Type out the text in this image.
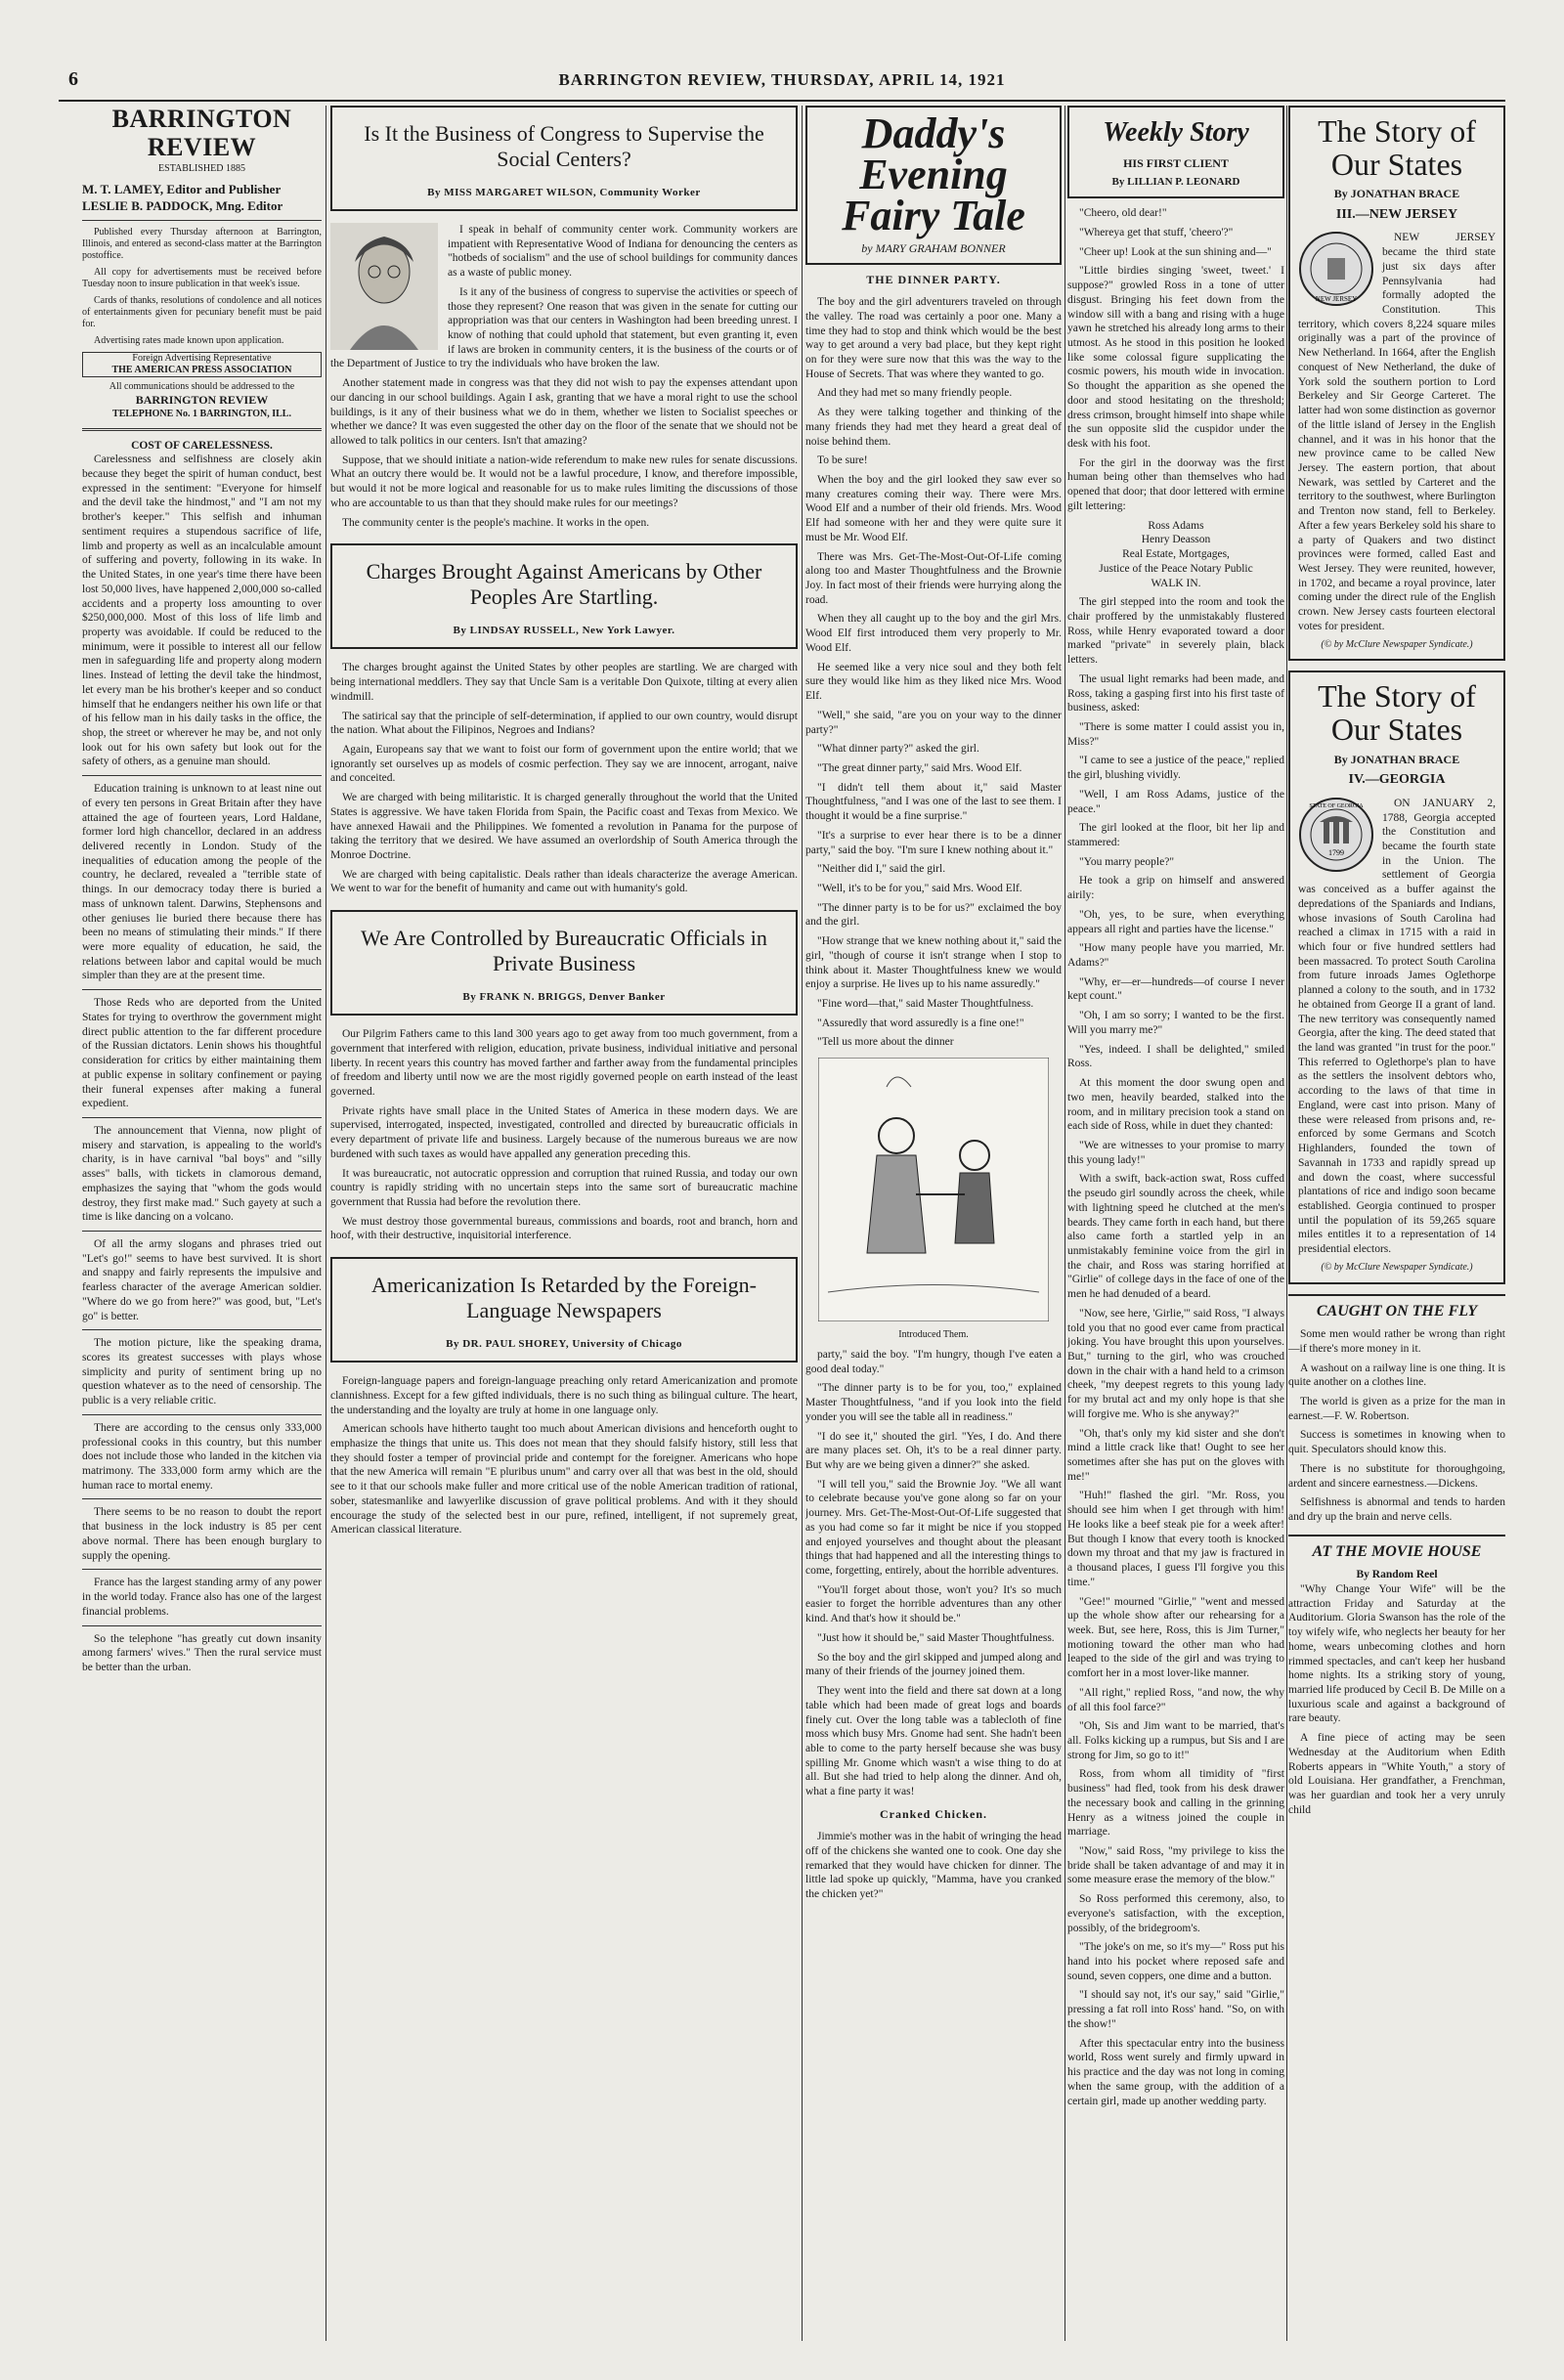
6	BARRINGTON REVIEW, THURSDAY, APRIL 14, 1921
BARRINGTON REVIEW
ESTABLISHED 1885

M. T. LAMEY, Editor and Publisher

LESLIE B. PADDOCK, Mng. Editor

Published every Thursday afternoon at Barrington, Illinois, and entered as second-class matter at the Barrington postoffice.

All copy for advertisements must be received before Tuesday noon to insure publication in that week's issue.

Cards of thanks, resolutions of condolence and all notices of entertainments given for pecuniary benefit must be paid for.

Advertising rates made known upon application.

Foreign Advertising Representative
THE AMERICAN PRESS ASSOCIATION
All communications should be addressed to the
BARRINGTON REVIEW
TELEPHONE No. 1 BARRINGTON, ILL.
COST OF CARELESSNESS.

Carelessness and selfishness are closely akin because they beget the spirit of human conduct, best expressed in the sentiment: "Everyone for himself and the devil take the hindmost," and "I am not my brother's keeper." This selfish and inhuman sentiment requires a stupendous sacrifice of life, limb and property as well as an incalculable amount of suffering and poverty, following in its wake. In the United States, in one year's time there have been lost 50,000 lives, have happened 2,000,000 so-called accidents and a property loss amounting to over $250,000,000. Most of this loss of life limb and property was avoidable. If could be reduced to the minimum, were it possible to interest all our fellow men in safeguarding life and property along modern lines. Instead of letting the devil take the hindmost, let every man be his brother's keeper and so conduct himself that he endangers neither his own life or that of his fellow man in his daily tasks in the office, the shop, the street or wherever he may be, and not only look out for his own safety but look out for the safety of others, as a genuine man should.

Education training is unknown to at least nine out of every ten persons in Great Britain after they have attained the age of fourteen years, Lord Haldane, former lord high chancellor, declared in an address delivered recently in London. Study of the inequalities of education among the people of the country, he declared, revealed a "terrible state of things. In our democracy today there is buried a mass of unknown talent. Darwins, Stephensons and other geniuses lie buried there because there has been no means of stimulating their minds." If there were more equality of education, he said, the relations between labor and capital would be much simpler than they are at the present time.

Those Reds who are deported from the United States for trying to overthrow the government might direct public attention to the far different procedure of the Russian dictators. Lenin shows his thoughtful consideration for critics by either maintaining them at public expense in solitary confinement or paying their funeral expenses after making a funeral expedient.

The announcement that Vienna, now plight of misery and starvation, is appealing to the world's charity, is in have carnival "bal boys" and "silly asses" balls, with tickets in clamorous demand, emphasizes the saying that "whom the gods would destroy, they first make mad." Such gayety at such a time is like dancing on a volcano.

Of all the army slogans and phrases tried out "Let's go!" seems to have best survived. It is short and snappy and fairly represents the impulsive and fearless character of the average American soldier. "Where do we go from here?" was good, but, "Let's go" is better.

The motion picture, like the speaking drama, scores its greatest successes with plays whose simplicity and purity of sentiment bring up no question whatever as to the need of censorship. The public is a very reliable critic.

There are according to the census only 333,000 professional cooks in this country, but this number does not include those who landed in the kitchen via matrimony. The 333,000 form army which are the human race to mortal enemy.

There seems to be no reason to doubt the report that business in the lock industry is 85 per cent above normal. There has been enough burglary to supply the opening.

France has the largest standing army of any power in the world today. France also has one of the largest financial problems.

So the telephone "has greatly cut down insanity among farmers' wives." Then the rural service must be better than the urban.

Is It the Business of Congress to Supervise the Social Centers?
By MISS MARGARET WILSON, Community Worker

I speak in behalf of community center work. Community workers are impatient with Representative Wood of Indiana for denouncing the centers as "hotbeds of socialism" and the use of school buildings for community dances as a waste of public money.

Is it any of the business of congress to supervise the activities or speech of those they represent? One reason that was given in the senate for cutting our appropriation was that our centers in Washington had been breeding unrest. I know of nothing that could uphold that statement, but even granting it, even if laws are broken in community centers, it is the business of the courts or of the Department of Justice to try the individuals who have broken the law.

Another statement made in congress was that they did not wish to pay the expenses attendant upon our dancing in our school buildings. Again I ask, granting that we have a moral right to use the school buildings, is it any of their business what we do in them, whether we listen to Socialist speeches or whether we dance? It was even suggested the other day on the floor of the senate that we should not be allowed to talk politics in our centers. Isn't that amazing?

Suppose, that we should initiate a nation-wide referendum to make new rules for senate discussions. What an outcry there would be. It would not be a lawful procedure, I know, and therefore impossible, but would it not be more logical and reasonable for us to make rules limiting the discussions of those who are accountable to us than that they should make rules for our meetings?

The community center is the people's machine. It works in the open.

Charges Brought Against Americans by Other Peoples Are Startling.
By LINDSAY RUSSELL, New York Lawyer.

The charges brought against the United States by other peoples are startling. We are charged with being international meddlers. They say that Uncle Sam is a veritable Don Quixote, tilting at every alien windmill.

The satirical say that the principle of self-determination, if applied to our own country, would disrupt the nation. What about the Filipinos, Negroes and Indians?

Again, Europeans say that we want to foist our form of government upon the entire world; that we ignorantly set ourselves up as models of cosmic perfection. They say we are innocent, arrogant, naive and conceited.

We are charged with being militaristic. It is charged generally throughout the world that the United States is aggressive. We have taken Florida from Spain, the Pacific coast and Texas from Mexico. We have annexed Hawaii and the Philippines. We fomented a revolution in Panama for the purpose of taking the territory that we desired. We have assumed an overlordship of South America through the Monroe Doctrine.

We are charged with being capitalistic. Deals rather than ideals characterize the average American. We went to war for the benefit of humanity and came out with humanity's gold.

We Are Controlled by Bureaucratic Officials in Private Business
By FRANK N. BRIGGS, Denver Banker

Our Pilgrim Fathers came to this land 300 years ago to get away from too much government, from a government that interfered with religion, education, private business, individual initiative and personal liberty. In recent years this country has moved farther and farther away from the fundamental principles of freedom and liberty until now we are the most rigidly governed people on earth instead of the least governed.

Private rights have small place in the United States of America in these modern days. We are supervised, interrogated, inspected, investigated, controlled and directed by bureaucratic officials in every department of private life and business. Largely because of the numerous bureaus we are now burdened with such taxes as would have appalled any generation preceding this.

It was bureaucratic, not autocratic oppression and corruption that ruined Russia, and today our own country is rapidly striding with no uncertain steps into the same sort of bureaucratic machine government that Russia had before the revolution there.

We must destroy those governmental bureaus, commissions and boards, root and branch, horn and hoof, with their destructive, inquisitorial interference.

Americanization Is Retarded by the Foreign-Language Newspapers
By DR. PAUL SHOREY, University of Chicago

Foreign-language papers and foreign-language preaching only retard Americanization and promote clannishness. Except for a few gifted individuals, there is no such thing as bilingual culture. The heart, the understanding and the loyalty are truly at home in one language only.

American schools have hitherto taught too much about American divisions and henceforth ought to emphasize the things that unite us. This does not mean that they should falsify history, still less that they should foster a temper of provincial pride and contempt for the foreigner. Americans who hope that the new America will remain "E pluribus unum" and carry over all that was best in the old, should see to it that our schools make fuller and more critical use of the noble American tradition of rational, sober, statesmanlike and lawyerlike discussion of grave political problems. And with it they should encourage the study of the selected best in our pure, refined, intelligent, if not supremely great, American classical literature.

Daddy's
Evening
Fairy Tale
by MARY GRAHAM BONNER
THE DINNER PARTY.

The boy and the girl adventurers traveled on through the valley. The road was certainly a poor one. Many a time they had to stop and think which would be the best way to get around a very bad place, but they kept right on for they were sure now that this was the way to the House of Secrets. That was where they wanted to go.

And they had met so many friendly people.

As they were talking together and thinking of the many friends they had met they heard a great deal of noise behind them.

To be sure!

When the boy and the girl looked they saw ever so many creatures coming their way. There were Mrs. Wood Elf and a number of their old friends. Mrs. Wood Elf had someone with her and they were quite sure it must be Mr. Wood Elf.

There was Mrs. Get-The-Most-Out-Of-Life coming along too and Master Thoughtfulness and the Brownie Joy. In fact most of their friends were hurrying along the road.

When they all caught up to the boy and the girl Mrs. Wood Elf first introduced them very properly to Mr. Wood Elf.

He seemed like a very nice soul and they both felt sure they would like him as they liked nice Mrs. Wood Elf.

"Well," she said, "are you on your way to the dinner party?"

"What dinner party?" asked the girl.

"The great dinner party," said Mrs. Wood Elf.

"I didn't tell them about it," said Master Thoughtfulness, "and I was one of the last to see them. I thought it would be a fine surprise."

"It's a surprise to ever hear there is to be a dinner party," said the boy. "I'm sure I knew nothing about it."

"Neither did I," said the girl.

"Well, it's to be for you," said Mrs. Wood Elf.

"The dinner party is to be for us?" exclaimed the boy and the girl.

"How strange that we knew nothing about it," said the girl, "though of course it isn't strange when I stop to think about it. Master Thoughtfulness knew we would enjoy a surprise. He lives up to his name assuredly."

"Fine word—that," said Master Thoughtfulness.

"Assuredly that word assuredly is a fine one!"

"Tell us more about the dinner

Introduced Them.

party," said the boy. "I'm hungry, though I've eaten a good deal today."

"The dinner party is to be for you, too," explained Master Thoughtfulness, "and if you look into the field yonder you will see the table all in readiness."

"I do see it," shouted the girl. "Yes, I do. And there are many places set. Oh, it's to be a real dinner party. But why are we being given a dinner?" she asked.

"I will tell you," said the Brownie Joy. "We all want to celebrate because you've gone along so far on your journey. Mrs. Get-The-Most-Out-Of-Life suggested that as you had come so far it might be nice if you stopped and enjoyed yourselves and thought about the pleasant things that had happened and all the interesting things to come, forgetting, entirely, about the horrible adventures.

"You'll forget about those, won't you? It's so much easier to forget the horrible adventures than any other kind. And that's how it should be."

"Just how it should be," said Master Thoughtfulness.

So the boy and the girl skipped and jumped along and many of their friends of the journey joined them.

They went into the field and there sat down at a long table which had been made of great logs and boards finely cut. Over the long table was a tablecloth of fine moss which busy Mrs. Gnome had sent. She hadn't been able to come to the party herself because she was busy spilling Mr. Gnome which wasn't a wise thing to do at all. But she had tried to help along the dinner. And oh, what a fine party it was!

Cranked Chicken.

Jimmie's mother was in the habit of wringing the head off of the chickens she wanted one to cook. One day she remarked that they would have chicken for dinner. The little lad spoke up quickly, "Mamma, have you cranked the chicken yet?"

Weekly Story
HIS FIRST CLIENT
By LILLIAN P. LEONARD

"Cheero, old dear!"

"Whereya get that stuff, 'cheero'?"

"Cheer up! Look at the sun shining and—"

"Little birdies singing 'sweet, tweet.' I suppose?" growled Ross in a tone of utter disgust. Bringing his feet down from the window sill with a bang and rising with a huge yawn he stretched his already long arms to their utmost. As he stood in this position he looked like some colossal figure supplicating the cosmic powers, his mouth wide in invocation. So thought the apparition as she opened the door and stood hesitating on the threshold; dress crimson, brought himself into shape while the sun opposite slid the cuspidor under the desk with his foot.

For the girl in the doorway was the first human being other than themselves who had opened that door; that door lettered with ermine gilt lettering:

Ross Adams
Henry Deasson
Real Estate, Mortgages,
Justice of the Peace Notary Public
WALK IN.

The girl stepped into the room and took the chair proffered by the unmistakably flustered Ross, while Henry evaporated toward a door marked "private" in severely plain, black letters.

The usual light remarks had been made, and Ross, taking a gasping first into his first taste of business, asked:

"There is some matter I could assist you in, Miss?"

"I came to see a justice of the peace," replied the girl, blushing vividly.

"Well, I am Ross Adams, justice of the peace."

The girl looked at the floor, bit her lip and stammered:

"You marry people?"

He took a grip on himself and answered airily:

"Oh, yes, to be sure, when everything appears all right and parties have the license."

"How many people have you married, Mr. Adams?"

"Why, er—er—hundreds—of course I never kept count."

"Oh, I am so sorry; I wanted to be the first. Will you marry me?"

"Yes, indeed. I shall be delighted," smiled Ross.

At this moment the door swung open and two men, heavily bearded, stalked into the room, and in military precision took a stand on each side of Ross, while in duet they chanted:

"We are witnesses to your promise to marry this young lady!"

With a swift, back-action swat, Ross cuffed the pseudo girl soundly across the cheek, while with lightning speed he clutched at the men's beards. They came forth in each hand, but there also came forth a startled yelp in an unmistakably feminine voice from the girl in the chair, and Ross was staring horrified at "Girlie" of college days in the face of one of the men he had denuded of a beard.

"Now, see here, 'Girlie,'" said Ross, "I always told you that no good ever came from practical joking. You have brought this upon yourselves. But," turning to the girl, who was crouched down in the chair with a hand held to a crimson cheek, "my deepest regrets to this young lady for my brutal act and my only hope is that she will forgive me. Who is she anyway?"

"Oh, that's only my kid sister and she don't mind a little crack like that! Ought to see her sometimes after she has put on the gloves with me!"

"Huh!" flashed the girl. "Mr. Ross, you should see him when I get through with him! He looks like a beef steak pie for a week after! But though I know that every tooth is knocked down my throat and that my jaw is fractured in a thousand places, I guess I'll forgive you this time."

"Gee!" mourned "Girlie," "went and messed up the whole show after our rehearsing for a week. But, see here, Ross, this is Jim Turner," motioning toward the other man who had leaped to the side of the girl and was trying to comfort her in a most lover-like manner.

"All right," replied Ross, "and now, the why of all this fool farce?"

"Oh, Sis and Jim want to be married, that's all. Folks kicking up a rumpus, but Sis and I are strong for Jim, so go to it!"

Ross, from whom all timidity of "first business" had fled, took from his desk drawer the necessary book and calling in the grinning Henry as a witness joined the couple in marriage.

"Now," said Ross, "my privilege to kiss the bride shall be taken advantage of and may it in some measure erase the memory of the blow."

So Ross performed this ceremony, also, to everyone's satisfaction, with the exception, possibly, of the bridegroom's.

"The joke's on me, so it's my—" Ross put his hand into his pocket where reposed safe and sound, seven coppers, one dime and a button.

"I should say not, it's our say," said "Girlie," pressing a fat roll into Ross' hand. "So, on with the show!"

After this spectacular entry into the business world, Ross went surely and firmly upward in his practice and the day was not long in coming when the same group, with the addition of a certain girl, made up another wedding party.

The Story of Our States
By JONATHAN BRACE
III.—NEW JERSEY
NEW JERSEY

NEW JERSEY became the third state just six days after Pennsylvania had formally adopted the Constitution. This territory, which covers 8,224 square miles originally was a part of the province of New Netherland. In 1664, after the English conquest of New Netherland, the duke of York sold the southern portion to Lord Berkeley and Sir George Carteret. The latter had won some distinction as governor of the little island of Jersey in the English channel, and it was in his honor that the new province came to be called New Jersey. The eastern portion, that about Newark, was settled by Carteret and the territory to the southwest, where Burlington and Trenton now stand, fell to Berkeley. After a few years Berkeley sold his share to a party of Quakers and two distinct provinces were formed, called East and West Jersey. They were reunited, however, in 1702, and became a royal province, later coming under the direct rule of the English crown. New Jersey casts fourteen electoral votes for president.

(© by McClure Newspaper Syndicate.)
The Story of Our States
By JONATHAN BRACE
IV.—GEORGIA
1799
STATE OF GEORGIA	ON JANUARY 2, 1788, Georgia accepted the Constitution and became the fourth state in the Union. The settlement of Georgia was conceived as a buffer against the depredations of the Spaniards and Indians, whose invasions of South Carolina had reached a climax in 1715 with a raid in which four or five hundred settlers had been massacred. To protect South Carolina from future inroads James Oglethorpe planned a colony to the south, and in 1732 he obtained from George II a grant of land. The new territory was consequently named Georgia, after the king. The deed stated that the land was granted "in trust for the poor." This referred to Oglethorpe's plan to have as the settlers the insolvent debtors who, according to the laws of that time in England, were cast into prison. Many of these were released from prisons and, re-enforced by some Germans and Scotch Highlanders, founded the town of Savannah in 1733 and rapidly spread up and down the coast, where successful plantations of rice and indigo soon became established. Georgia continued to prosper until the population of its 59,265 square miles entitles it to a representation of 14 presidential electors.

(© by McClure Newspaper Syndicate.)
CAUGHT ON THE FLY

Some men would rather be wrong than right—if there's more money in it.

A washout on a railway line is one thing. It is quite another on a clothes line.

The world is given as a prize for the man in earnest.—F. W. Robertson.

Success is sometimes in knowing when to quit. Speculators should know this.

There is no substitute for thoroughgoing, ardent and sincere earnestness.—Dickens.

Selfishness is abnormal and tends to harden and dry up the brain and nerve cells.

AT THE MOVIE HOUSE
By Random Reel

"Why Change Your Wife" will be the attraction Friday and Saturday at the Auditorium. Gloria Swanson has the role of the toy wifely wife, who neglects her beauty for her home, wears unbecoming clothes and horn rimmed spectacles, and can't keep her husband home nights. Its a striking story of young, married life produced by Cecil B. De Mille on a luxurious scale and against a background of rare beauty.

A fine piece of acting may be seen Wednesday at the Auditorium when Edith Roberts appears in "White Youth," a story of old Louisiana. Her grandfather, a Frenchman, was her guardian and took her a very unruly child
